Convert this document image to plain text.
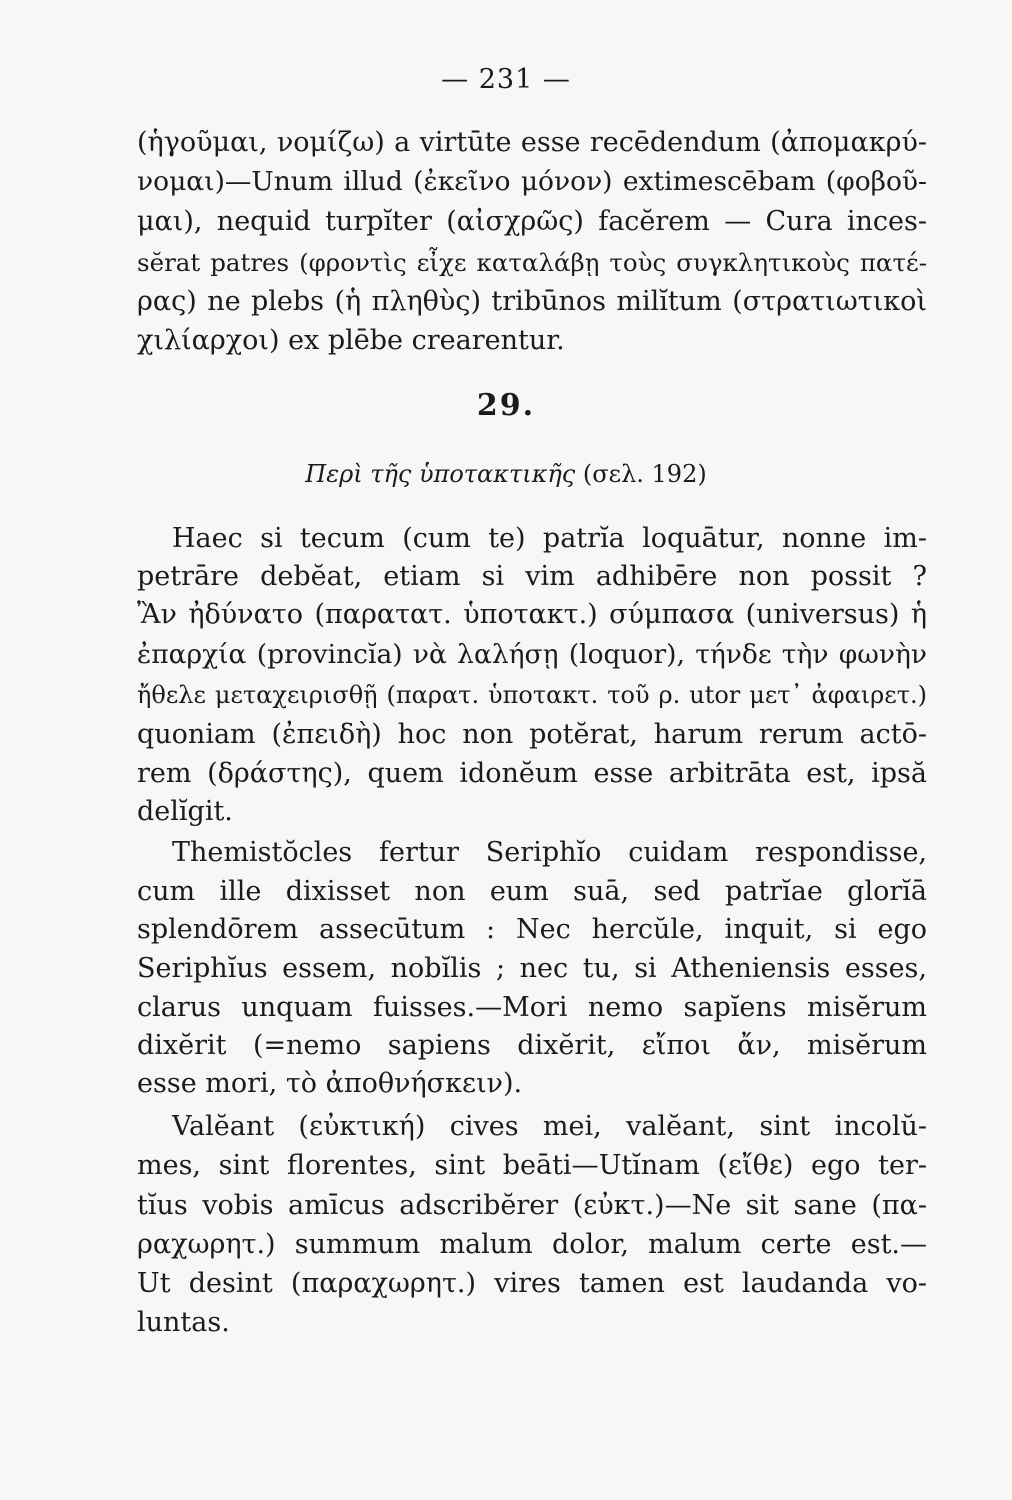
— 231 —
(ἡγοῦμαι, νομίζω) a virtūte esse recēdendum (ἀπομακρύ-
νομαι)—Unum illud (ἐκεῖνο μόνον) extimescēbam (φοβοῦ-
μαι), nequid turpĭter (αἰσχρῶς) facĕrem — Cura inces-
sĕrat patres (φροντὶς εἶχε καταλάβῃ τοὺς συγκλητικοὺς πατέ-
ρας) ne plebs (ἡ πληθὺς) tribūnos milĭtum (στρατιωτικοὶ
χιλίαρχοι) ex plēbe crearentur.
29.
Περὶ τῆς ὑποτακτικῆς (σελ. 192)
Haec si tecum (cum te) patrĭa loquātur, nonne im-
petrāre debĕat, etiam si vim adhibēre non possit ?
Ἂν ἠδύνατο (παρατατ. ὑποτακτ.) σύμπασα (universus) ἡ
ἐπαρχία (provincĭa) νὰ λαλήσῃ (loquor), τήνδε τὴν φωνὴν
ἤθελε μεταχειρισθῇ (παρατ. ὑποτακτ. τοῦ ρ. utor μετ᾽ ἀφαιρετ.)
quoniam (ἐπειδὴ) hoc non potĕrat, harum rerum actō-
rem (δράστης), quem idonĕum esse arbitrāta est, ipsă
delĭgit.
Themistŏcles fertur Seriphĭo cuidam respondisse,
cum ille dixisset non eum suā, sed patrĭae glorĭā
splendōrem assecūtum : Nec hercŭle, inquit, si ego
Seriphĭus essem, nobĭlis ; nec tu, si Atheniensis esses,
clarus unquam fuisses.—Mori nemo sapĭens misĕrum
dixĕrit (=nemo sapiens dixĕrit, εἴποι ἄν, misĕrum
esse mori, τὸ ἀποθνήσκειν).
Valĕant (εὐκτική) cives mei, valĕant, sint incolŭ-
mes, sint florentes, sint beāti—Utĭnam (εἴθε) ego ter-
tĭus vobis amīcus adscribĕrer (εὐκτ.)—Ne sit sane (πα-
ραχωρητ.) summum malum dolor, malum certe est.—
Ut desint (παραχωρητ.) vires tamen est laudanda vo-
luntas.
